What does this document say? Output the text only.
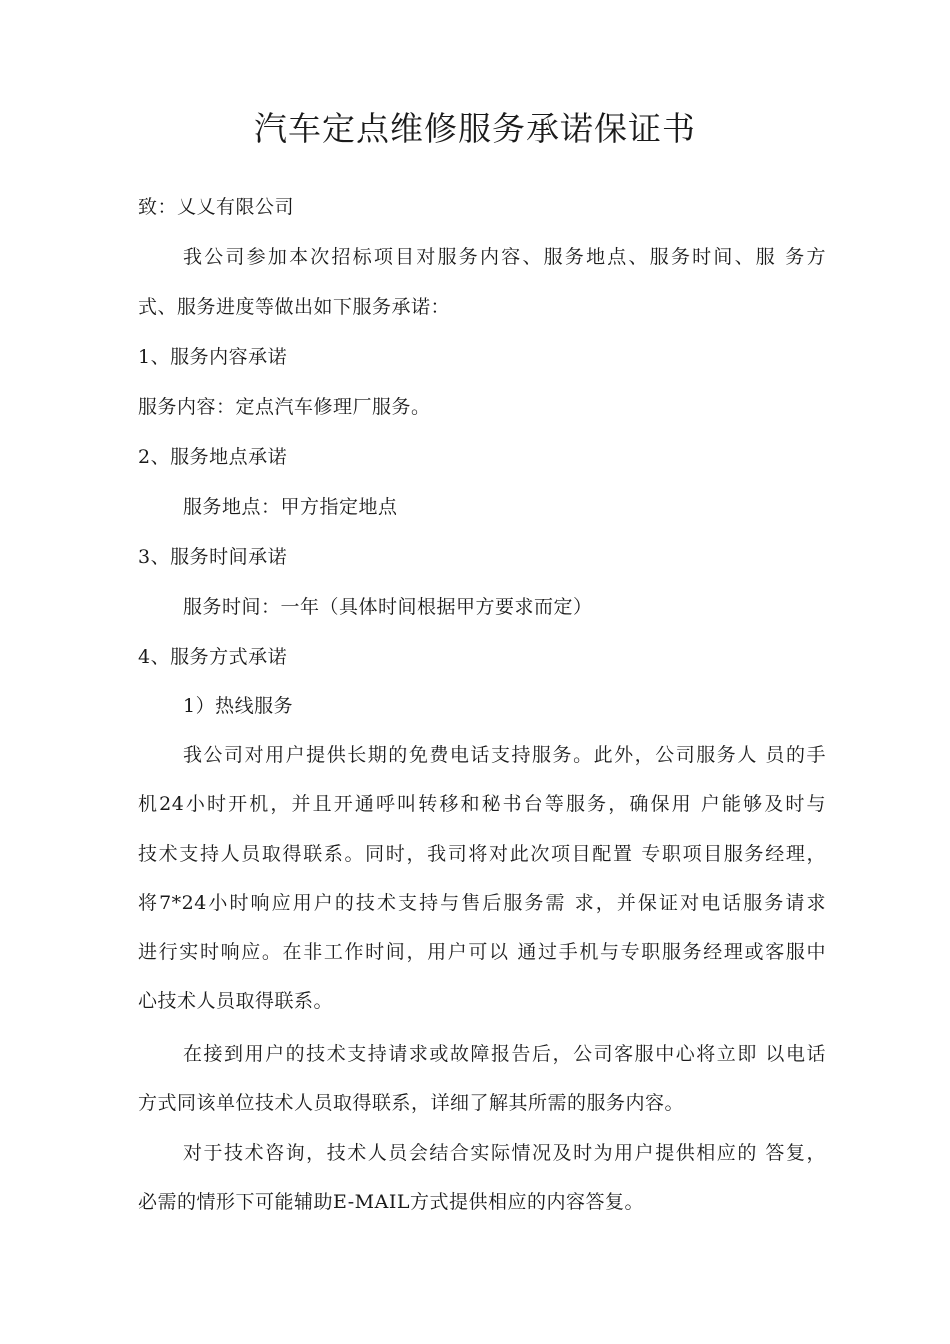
汽车定点维修服务承诺保证书
致：乂乂有限公司
我公司参加本次招标项目对服务内容、服务地点、服务时间、服 务方
式、服务进度等做出如下服务承诺：
1、服务内容承诺
服务内容：定点汽车修理厂服务。
2、服务地点承诺
服务地点：甲方指定地点
3、服务时间承诺
服务时间：一年（具体时间根据甲方要求而定）
4、服务方式承诺
1）热线服务
我公司对用户提供长期的免费电话支持服务。此外，公司服务人 员的手
机24小时开机，并且开通呼叫转移和秘书台等服务，确保用 户能够及时与
技术支持人员取得联系。同时，我司将对此次项目配置 专职项目服务经理，
将7*24小时响应用户的技术支持与售后服务需 求，并保证对电话服务请求
进行实时响应。在非工作时间，用户可以 通过手机与专职服务经理或客服中
心技术人员取得联系。
在接到用户的技术支持请求或故障报告后，公司客服中心将立即 以电话
方式同该单位技术人员取得联系，详细了解其所需的服务内容。
对于技术咨询，技术人员会结合实际情况及时为用户提供相应的 答复，
必需的情形下可能辅助E-MAIL方式提供相应的内容答复。
